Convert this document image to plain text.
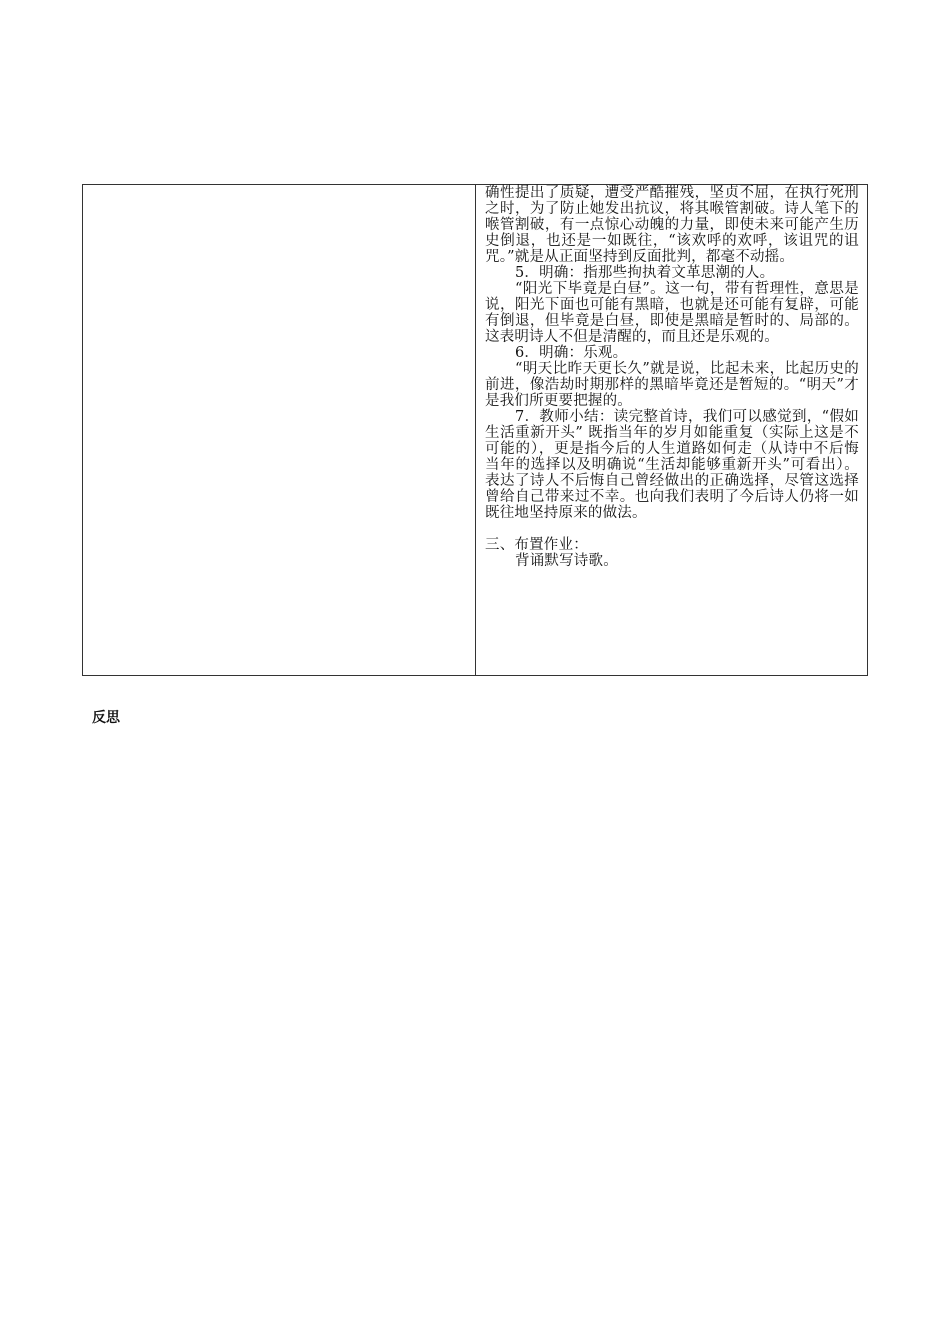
确性提出了质疑，遭受严酷摧残，坚贞不屈，在执行死刑之时，为了防止她发出抗议，将其喉管割破。诗人笔下的喉管割破，有一点惊心动魄的力量，即使未来可能产生历史倒退，也还是一如既往，“该欢呼的欢呼，该诅咒的诅咒。”就是从正面坚持到反面批判，都毫不动摇。

5．明确：指那些拘执着文革思潮的人。

“阳光下毕竟是白昼”。这一句，带有哲理性，意思是说，阳光下面也可能有黑暗，也就是还可能有复辟，可能有倒退，但毕竟是白昼，即使是黑暗是暂时的、局部的。这表明诗人不但是清醒的，而且还是乐观的。

6．明确：乐观。

“明天比昨天更长久”就是说，比起未来，比起历史的前进，像浩劫时期那样的黑暗毕竟还是暂短的。“明天”才是我们所更要把握的。

7．教师小结：读完整首诗，我们可以感觉到，“假如生活重新开头” 既指当年的岁月如能重复（实际上这是不可能的），更是指今后的人生道路如何走（从诗中不后悔当年的选择以及明确说“生活却能够重新开头”可看出）。表达了诗人不后悔自己曾经做出的正确选择，尽管这选择曾给自己带来过不幸。也向我们表明了今后诗人仍将一如既往地坚持原来的做法。

三、布置作业：

背诵默写诗歌。

反思
